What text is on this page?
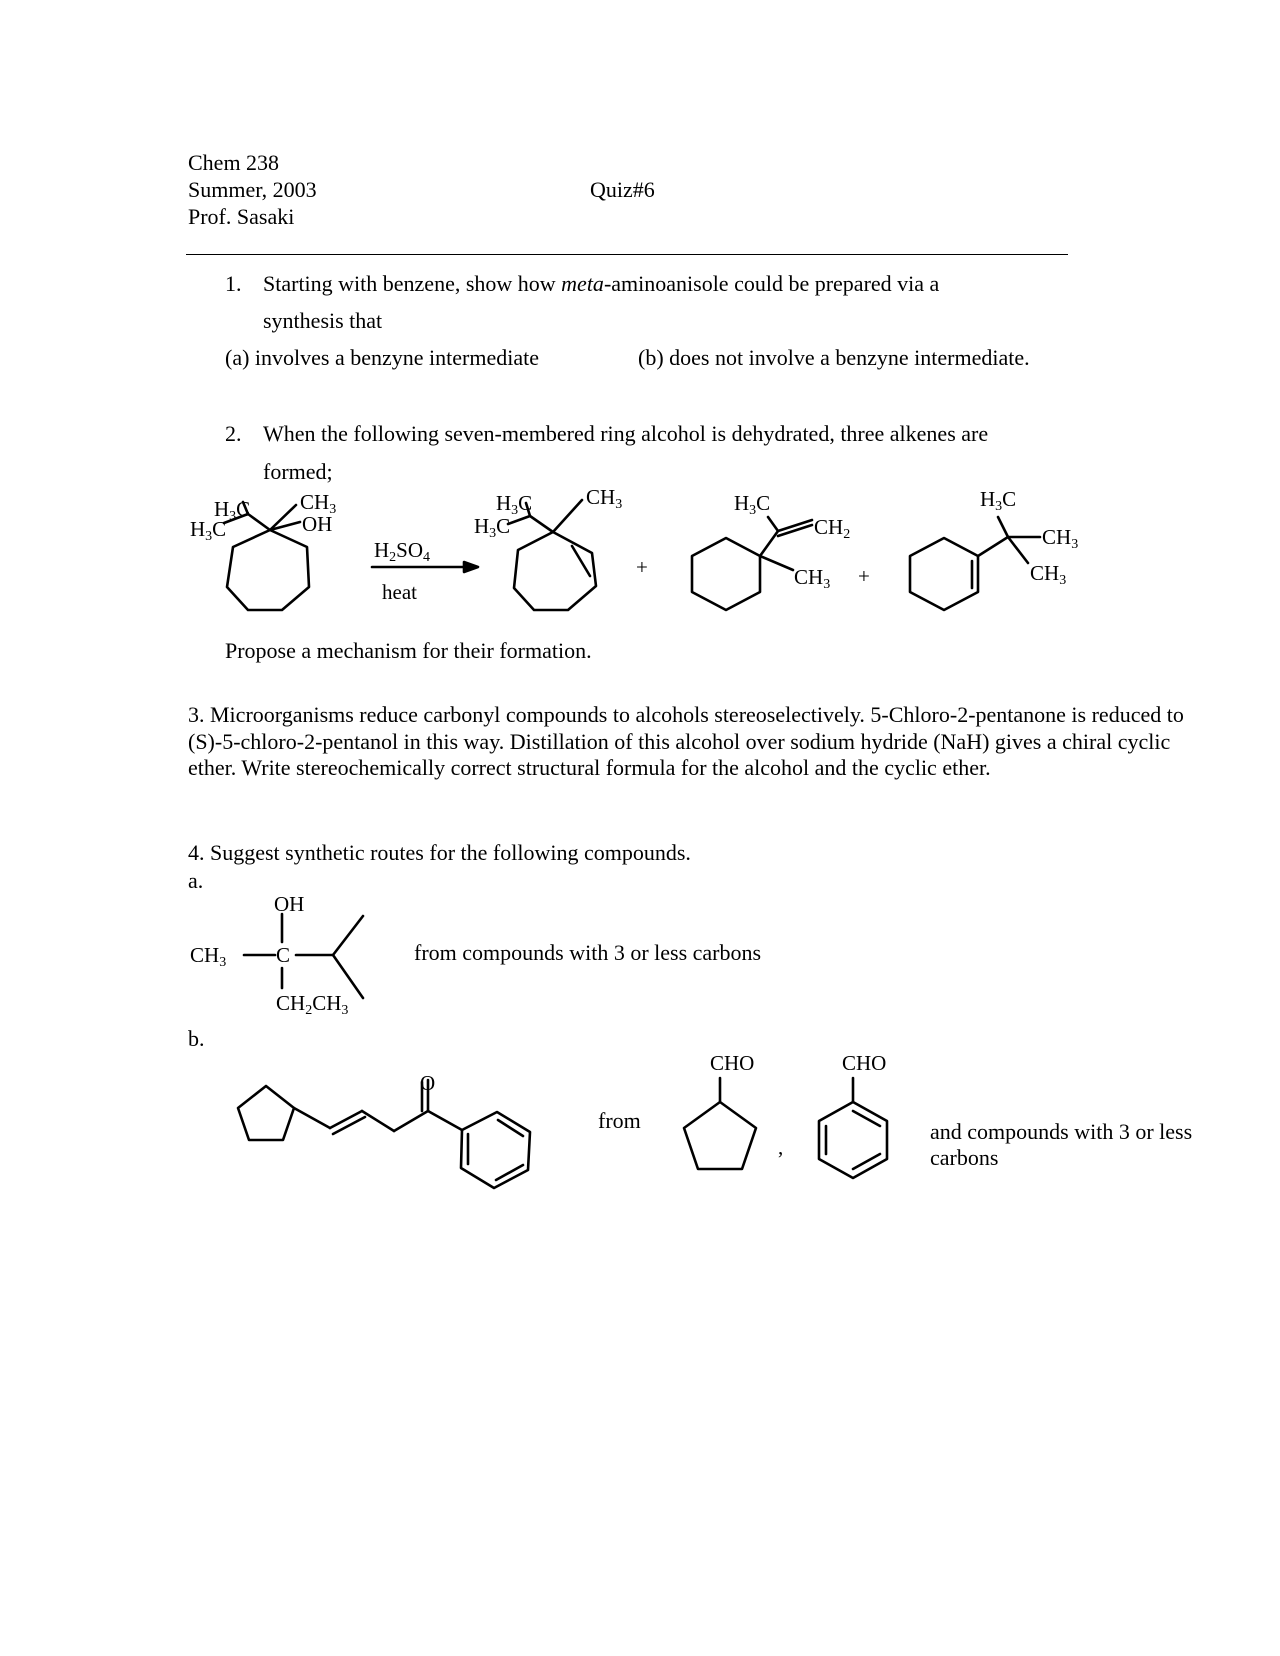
Chem 238
Summer, 2003
Prof. Sasaki
Quiz#6
1. Starting with benzene, show how meta-aminoanisole could be prepared via a
synthesis that
(a) involves a benzyne intermediate	(b) does not involve a benzyne intermediate.
2. When the following seven-membered ring alcohol is dehydrated, three alkenes are
formed;
$H_3C$
$H_3C$
$CH_3$
OH
$H_2SO_4$
heat
$H_3C$
$H_3C$
$CH_3$
+
$H_3C$
$CH_2$
$CH_3$ +
$H_3C$
$CH_3$
$CH_3$
Propose a mechanism for their formation.
3. Microorganisms reduce carbonyl compounds to alcohols stereoselectively. 5-Chloro-2-pentanone is reduced to (S)-5-chloro-2-pentanol in this way. Distillation of this alcohol over sodium hydride (NaH) gives a chiral cyclic ether. Write stereochemically correct structural formula for the alcohol and the cyclic ether.
4. Suggest synthetic routes for the following compounds.
a.
OH
$CH_3$ C
$CH_2CH_3$
from compounds with 3 or less carbons
b.
O
from
CHO
,
CHO
and compounds with 3 or less
carbons
